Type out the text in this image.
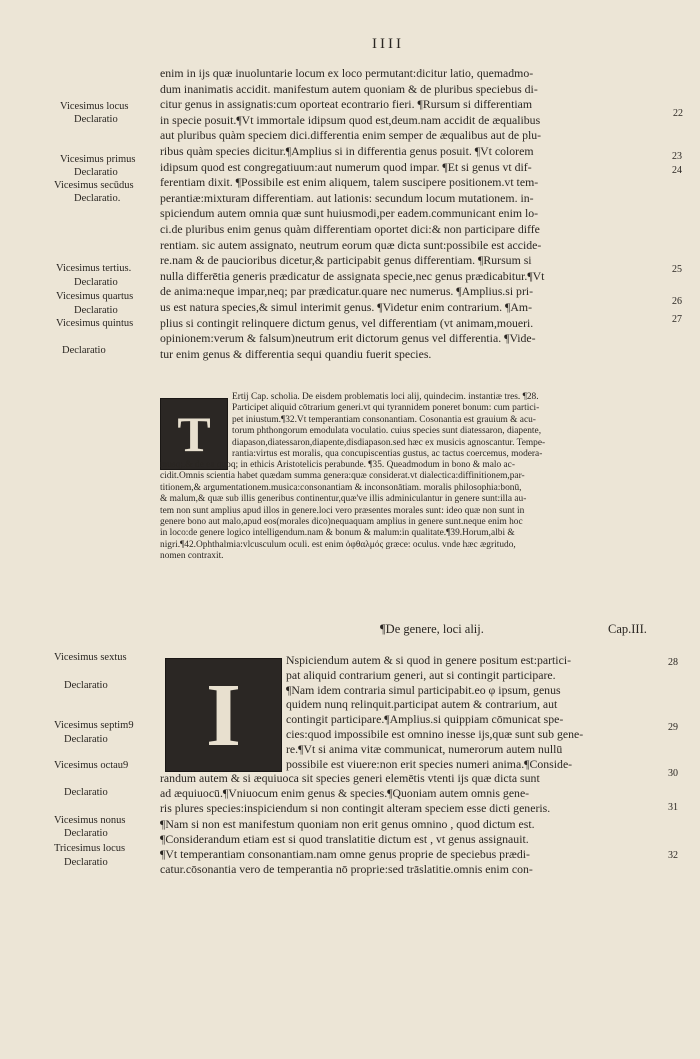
IIII
Vicesimus locus
Declaratio
Vicesimus primus
Declaratio
Vicesimus secūdus
Declaratio.
Vicesimus tertius.
Declaratio
Vicesimus quartus
Declaratio
Vicesimus quintus
Declaratio
22
23
24
25
26
27
enim in ijs quæ inuoluntarie locum ex loco permutant:dicitur latio, quemadmo-
dum inanimatis accidit. manifestum autem quoniam & de pluribus speciebus di-
citur genus in assignatis:cum oporteat econtrario fieri. ¶Rursum si differentiam
in specie posuit.¶Vt immortale idipsum quod est,deum.nam accidit de æqualibus
aut pluribus quàm speciem dici.differentia enim semper de æqualibus aut de plu-
ribus quàm species dicitur.¶Amplius si in differentia genus posuit. ¶Vt colorem
idipsum quod est congregatiuum:aut numerum quod impar. ¶Et si genus vt dif-
ferentiam dixit. ¶Possibile est enim aliquem, talem suscipere positionem.vt tem-
perantiæ:mixturam differentiam. aut lationis: secundum locum mutationem. in-
spiciendum autem omnia quæ sunt huiusmodi,per eadem.communicant enim lo-
ci.de pluribus enim genus quàm differentiam oportet dici:& non participare diffe
rentiam. sic autem assignato, neutrum eorum quæ dicta sunt:possibile est accide-
re.nam & de paucioribus dicetur,& participabit genus differentiam. ¶Rursum si
nulla differētia generis prædicatur de assignata specie,nec genus prædicabitur.¶Vt
de anima:neque impar,neq; par prædicatur.quare nec numerus. ¶Amplius.si pri-
us est natura species,& simul interimit genus. ¶Videtur enim contrarium. ¶Am-
plius si contingit relinquere dictum genus, vel differentiam (vt animam,moueri.
opinionem:verum & falsum)neutrum erit dictorum genus vel differentia. ¶Vide-
tur enim genus & differentia sequi quandiu fuerit species.
T
Ertij Cap. scholia. De eisdem problematis loci alij, quindecim. instantiæ tres. ¶28.
Participet aliquid cōtrarium generi.vt qui tyrannidem poneret bonum: cum partici-
pet iniustum.¶32.Vt temperantiam consonantiam. Cosonantia est grauium & acu-
torum phthongorum emodulata voculatio. cuius species sunt diatessaron, diapente,
diapason,diatessaron,diapente,disdiapason.sed hæc ex musicis agnoscantur. Tempe-
rantia:virtus est moralis, qua concupiscentias gustus, ac tactus coercemus, modera-
musq;.& de ea quoq; in ethicis Aristotelicis perabunde. ¶35. Queadmodum in bono & malo ac-
cidit.Omnis scientia habet quædam summa genera:quæ considerat.vt dialectica:diffinitionem,par-
titionem,& argumentationem.musica:consonantiam & inconsonātiam. moralis philosophia:bonū,
& malum,& quæ sub illis generibus continentur,quæ've illis adminiculantur in genere sunt:illa au-
tem non sunt amplius apud illos in genere.loci vero præsentes morales sunt: ideo quæ non sunt in
genere bono aut malo,apud eos(morales dico)nequaquam amplius in genere sunt.neque enim hoc
in loco:de genere logico intelligendum.nam & bonum & malum:in qualitate.¶39.Horum,albi &
nigri.¶42.Ophthalmia:vlcusculum oculi. est enim ὀφθαλμός græce: oculus. vnde hæc ægritudo,
nomen contraxit.
¶De genere, loci alij.	Cap.III.
Vicesimus sextus
Declaratio
Vicesimus septim9
Declaratio
Vicesimus octau9
Declaratio
Vicesimus nonus
Declaratio
Tricesimus locus
Declaratio
28
29
30
31
32
I
Nspiciendum autem & si quod in genere positum est:partici-
pat aliquid contrarium generi, aut si contingit participare.
¶Nam idem contraria simul participabit.eo φ ipsum, genus
quidem nunq relinquit.participat autem & contrarium, aut
contingit participare.¶Amplius.si quippiam cōmunicat spe-
cies:quod impossibile est omnino inesse ijs,quæ sunt sub gene-
re.¶Vt si anima vitæ communicat, numerorum autem nullū
possibile est viuere:non erit species numeri anima.¶Conside-
randum autem & si æquiuoca sit species generi elemētis vtenti ijs quæ dicta sunt
ad æquiuocū.¶Vniuocum enim genus & species.¶Quoniam autem omnis gene-
ris plures species:inspiciendum si non contingit alteram speciem esse dicti generis.
¶Nam si non est manifestum quoniam non erit genus omnino , quod dictum est.
¶Considerandum etiam est si quod translatitie dictum est , vt genus assignauit.
¶Vt temperantiam consonantiam.nam omne genus proprie de speciebus prædi-
catur.cōsonantia vero de temperantia nō proprie:sed trāslatitie.omnis enim con-
